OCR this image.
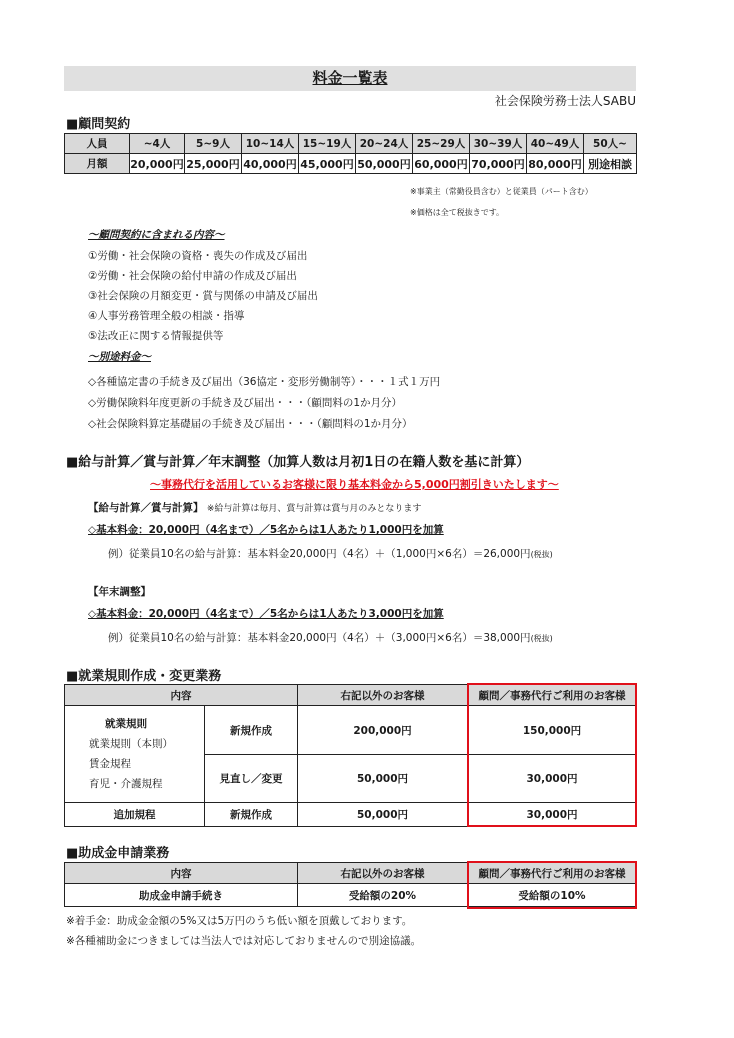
料金一覧表
社会保険労務士法人SABU
■顧問契約
人員	~4人	5~9人	10~14人	15~19人	20~24人	25~29人	30~39人	40~49人	50人~
月額	20,000円	25,000円	40,000円	45,000円	50,000円	60,000円	70,000円	80,000円	別途相談
※事業主（常勤役員含む）と従業員（パート含む）
※価格は全て税抜きです。
～顧問契約に含まれる内容～
①労働・社会保険の資格・喪失の作成及び届出
②労働・社会保険の給付申請の作成及び届出
③社会保険の月額変更・賞与関係の申請及び届出
④人事労務管理全般の相談・指導
⑤法改正に関する情報提供等
～別途料金～
◇各種協定書の手続き及び届出（36協定・変形労働制等）・・・１式１万円
◇労働保険料年度更新の手続き及び届出・・・（顧問料の1か月分）
◇社会保険料算定基礎届の手続き及び届出・・・（顧問料の1か月分）
■給与計算／賞与計算／年末調整（加算人数は月初1日の在籍人数を基に計算）
～事務代行を活用しているお客様に限り基本料金から5,000円割引きいたします～
【給与計算／賞与計算】 ※給与計算は毎月、賞与計算は賞与月のみとなります
◇基本料金：20,000円（4名まで）／5名からは1人あたり1,000円を加算
例）従業員10名の給与計算：基本料金20,000円（4名）＋（1,000円×6名）＝26,000円(税抜)
【年末調整】
◇基本料金：20,000円（4名まで）／5名からは1人あたり3,000円を加算
例）従業員10名の給与計算：基本料金20,000円（4名）＋（3,000円×6名）＝38,000円(税抜)
■就業規則作成・変更業務
内容		右記以外のお客様	顧問／事務代行ご利用のお客様

就業規則
就業規則（本則）
賃金規程
育児・介護規程	新規作成	200,000円	150,000円
	見直し／変更	50,000円	30,000円
追加規程	新規作成	50,000円	30,000円
■助成金申請業務
内容	右記以外のお客様	顧問／事務代行ご利用のお客様
助成金申請手続き	受給額の20%	受給額の10%
※着手金：助成金金額の5%又は5万円のうち低い額を頂戴しております。
※各種補助金につきましては当法人では対応しておりませんので別途協議。
